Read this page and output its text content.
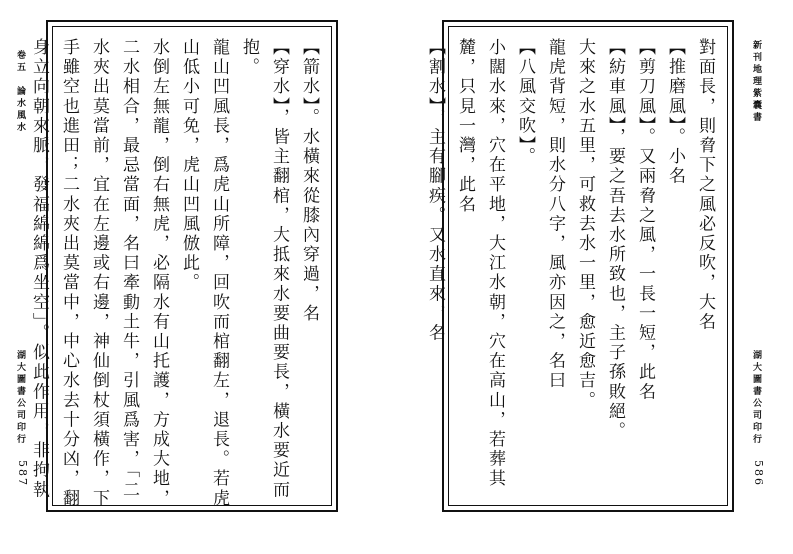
卷五　論水風水
湖大圖書公司印行
587

【箭水】。水橫來從膝內穿過，名

【穿水】，皆主翻棺，大抵來水要曲要長，橫水要近而

抱。

龍山凹風長，爲虎山所障，回吹而棺翻左，退長。若虎

山低小可免，虎山凹風倣此。

水倒左無龍，倒右無虎，必隔水有山托護，方成大地，

二水相合，最忌當面，名曰牽動土牛，引風爲害，「二

水夾出莫當前，宜在左邊或右邊，神仙倒杖須橫作，下

手雖空也進田；二水夾出莫當中，中心水去十分凶，翻

身立向朝來脈，發福綿綿爲坐空」。似此作用，非拘執	新刊地理紫囊書
湖大圖書公司印行
586

對面長，則脅下之風必反吹，大名

【推磨風】。小名

【剪刀風】。又兩脅之風，一長一短，此名

【紡車風】，要之吾去水所致也，主子孫敗絕。

大來之水五里，可救去水一里，愈近愈吉。

龍虎背短，則水分八字，風亦因之，名曰

【八風交吹】。

小闊水來，穴在平地，大江水朝，穴在高山，若葬其

麓，只見一灣，此名

【割水】，主有腳疾。又水直來，名
